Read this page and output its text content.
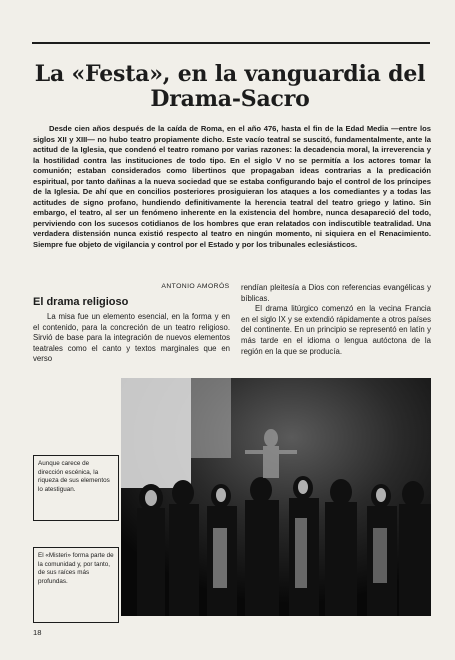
La «Festa», en la vanguardia del
Drama-Sacro

Desde cien años después de la caída de Roma, en el año 476, hasta el fin de la Edad Media —entre los siglos XII y XIII— no hubo teatro propiamente dicho. Este vacío teatral se suscitó, fundamentalmente, ante la actitud de la Iglesia, que condenó el teatro romano por varias razones: la decadencia moral, la irreverencia y la hostilidad contra las instituciones de todo tipo. En el siglo V no se permitía a los actores tomar la comunión; estaban considerados como libertinos que propagaban ideas contrarias a la predicación espiritual, por tanto dañinas a la nueva sociedad que se estaba configurando bajo el control de los príncipes de la Iglesia. De ahí que en concilios posteriores prosiguieran los ataques a los comediantes y a todas las actitudes de signo profano, hundiendo definitivamente la herencia teatral del teatro griego y latino. Sin embargo, el teatro, al ser un fenómeno inherente en la existencia del hombre, nunca desapareció del todo, perviviendo con los sucesos cotidianos de los hombres que eran relatados con indiscutible teatralidad. Una verdadera distensión nunca existió respecto al teatro en ningún momento, ni siquiera en el Renacimiento. Siempre fue objeto de vigilancia y control por el Estado y por los tribunales eclesiásticos.

ANTONIO AMORÓS
El drama religioso

La misa fue un elemento esencial, en la forma y en el contenido, para la concreción de un teatro religioso. Sirvió de base para la integración de nuevos elementos teatrales como el canto y textos marginales que en verso

rendían pleitesía a Dios con referencias evangélicas y bíblicas.

El drama litúrgico comenzó en la vecina Francia en el siglo IX y se extendió rápidamente a otros países del continente. En un principio se representó en latín y más tarde en el idioma o lengua autóctona de la región en la que se producía.

Aunque carece de dirección escénica, la riqueza de sus elementos lo atestiguan.
El «Misteri» forma parte de la comunidad y, por tanto, de sus raíces más profundas.
18
